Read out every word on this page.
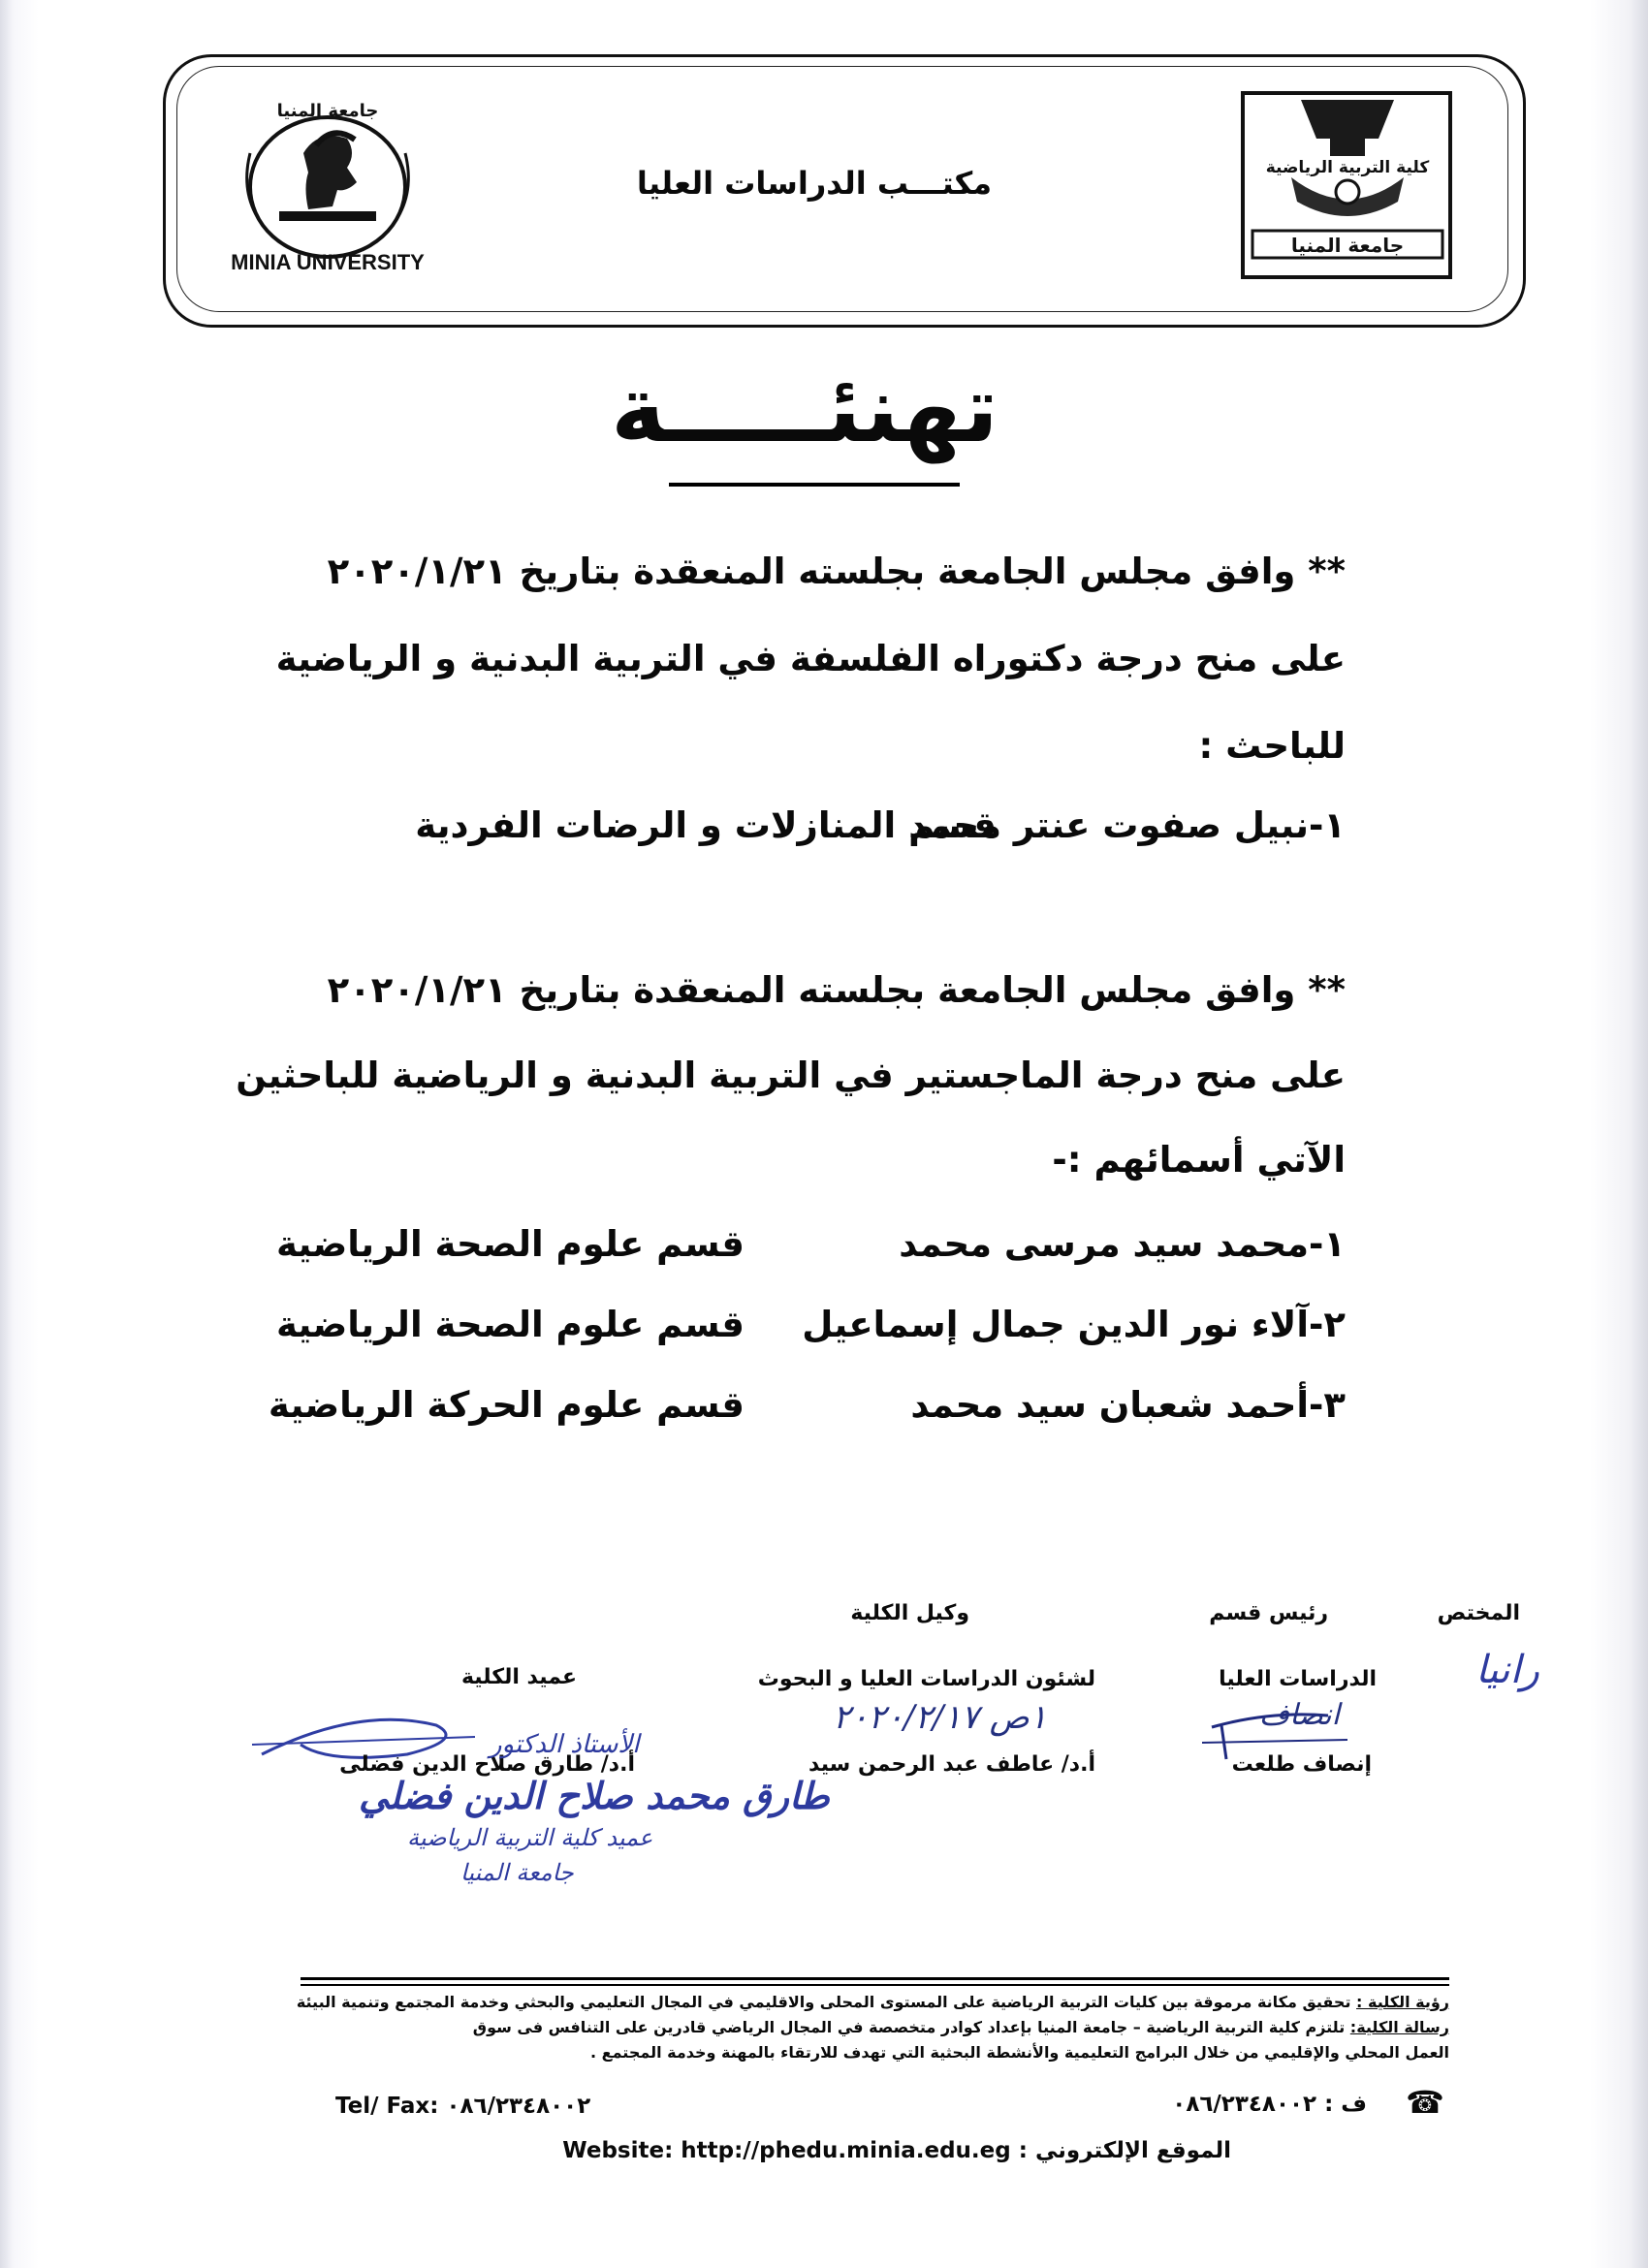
جامعة المنيا
MINIA UNIVERSITY
مكتـــب الدراسات العليا	كلية التربية الرياضية
جامعة المنيا
تهنئـــــة
** وافق مجلس الجامعة بجلسته المنعقدة بتاريخ ٢٠٢٠/١/٢١
على منح درجة دكتوراه الفلسفة في التربية البدنية و الرياضية
للباحث :
١-نبيل صفوت عنتر محمد
قسم المنازلات و الرضات الفردية
** وافق مجلس الجامعة بجلسته المنعقدة بتاريخ ٢٠٢٠/١/٢١
على منح درجة الماجستير في التربية البدنية و الرياضية للباحثين
الآتي أسمائهم :-
١-محمد سيد مرسى محمد
قسم علوم الصحة الرياضية
٢-آلاء نور الدين جمال إسماعيل
قسم علوم الصحة الرياضية
٣-أحمد شعبان سيد محمد
قسم علوم الحركة الرياضية
المختص
رانيا
رئيس قسم
الدراسات العليا
انصاف
إنصاف طلعت
وكيل الكلية
لشئون الدراسات العليا و البحوث
١ص ٢٠٢٠/٢/١٧
أ.د/ عاطف عبد الرحمن سيد
عميد الكلية
أ.د/ طارق صلاح الدين فضلى
الأستاذ الدكتور
طارق محمد صلاح الدين فضلي
عميد كلية التربية الرياضية
جامعة المنيا
رؤية الكلية : تحقيق مكانة مرموقة بين كليات التربية الرياضية على المستوى المحلى والاقليمي في المجال التعليمي والبحثي وخدمة المجتمع وتنمية البيئة
رسالة الكلية: تلتزم كلية التربية الرياضية – جامعة المنيا بإعداد كوادر متخصصة في المجال الرياضي قادرين على التنافس فى سوق
العمل المحلي والإقليمي من خلال البرامج التعليمية والأنشطة البحثية التي تهدف للارتقاء بالمهنة وخدمة المجتمع .
Tel/ Fax: ٠٨٦/٢٣٤٨٠٠٢	ف : ٠٨٦/٢٣٤٨٠٠٢ ☎
Website: http://phedu.minia.edu.eg : الموقع الإلكتروني
